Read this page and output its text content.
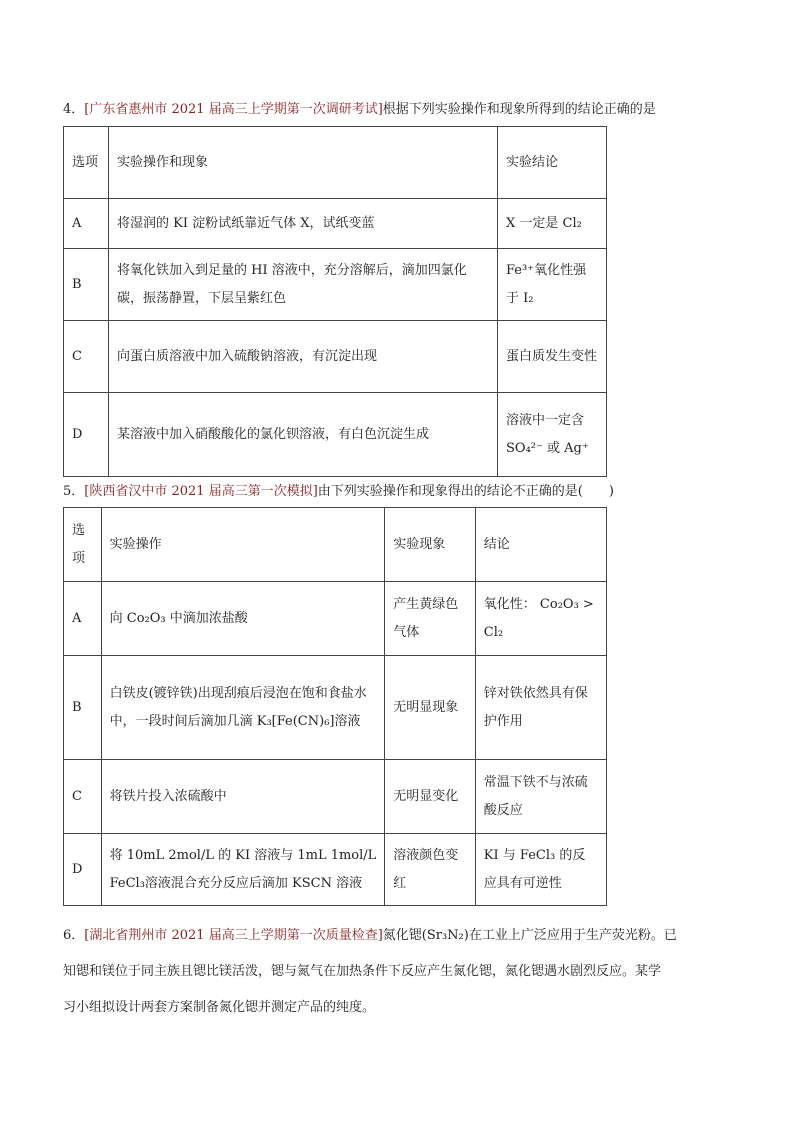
4．[广东省惠州市 2021 届高三上学期第一次调研考试]根据下列实验操作和现象所得到的结论正确的是
选项	实验操作和现象	实验结论
A	将湿润的 KI 淀粉试纸靠近气体 X，试纸变蓝	X 一定是 Cl₂
B	将氧化铁加入到足量的 HI 溶液中，充分溶解后，滴加四氯化碳，振荡静置，下层呈紫红色	Fe³⁺氧化性强于 I₂
C	向蛋白质溶液中加入硫酸钠溶液，有沉淀出现	蛋白质发生变性
D	某溶液中加入硝酸酸化的氯化钡溶液，有白色沉淀生成	溶液中一定含 SO₄²⁻ 或 Ag⁺
5．[陕西省汉中市 2021 届高三第一次模拟]由下列实验操作和现象得出的结论不正确的是(　　)
选项	实验操作	实验现象	结论
A	向 Co₂O₃ 中滴加浓盐酸	产生黄绿色气体	氧化性： Co₂O₃ > Cl₂
B	白铁皮(镀锌铁)出现刮痕后浸泡在饱和食盐水中，一段时间后滴加几滴 K₃[Fe(CN)₆]溶液	无明显现象	锌对铁依然具有保护作用
C	将铁片投入浓硫酸中	无明显变化	常温下铁不与浓硫酸反应
D	将 10mL 2mol/L 的 KI 溶液与 1mL 1mol/L FeCl₃溶液混合充分反应后滴加 KSCN 溶液	溶液颜色变红	KI 与 FeCl₃ 的反应具有可逆性
6．[湖北省荆州市 2021 届高三上学期第一次质量检查]氮化锶(Sr₃N₂)在工业上广泛应用于生产荧光粉。已
知锶和镁位于同主族且锶比镁活泼，锶与氮气在加热条件下反应产生氮化锶，氮化锶遇水剧烈反应。某学
习小组拟设计两套方案制备氮化锶并测定产品的纯度。
